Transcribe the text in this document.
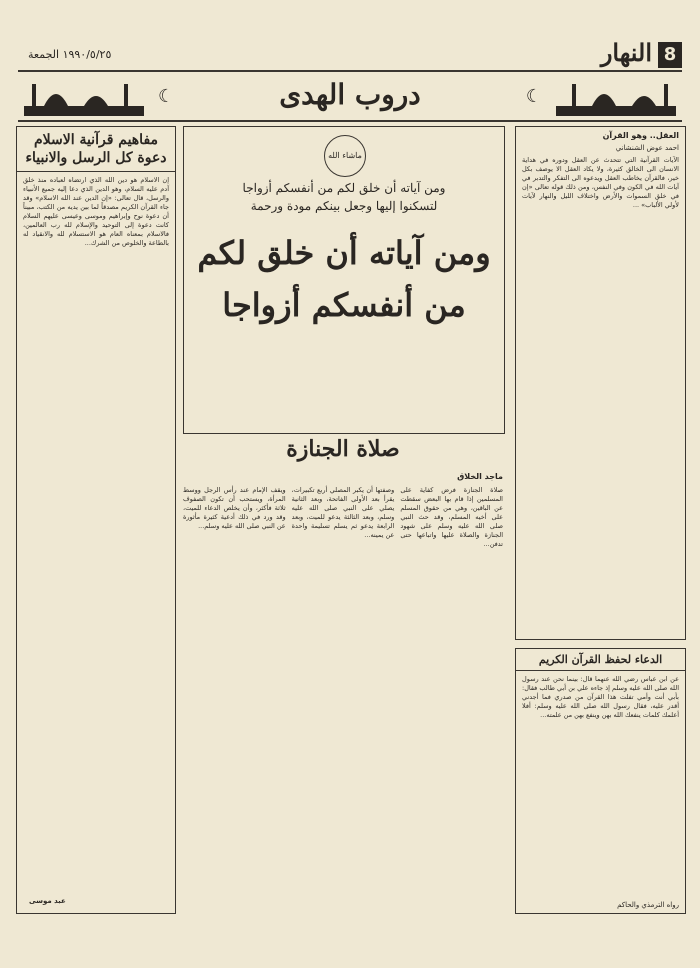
8
النهار
١٩٩٠/٥/٢٥ الجمعة
☾	دروب الهدى	☾
مفاهيم قرآنية الاسلام دعوة كل الرسل والانبياء
إن الاسلام هو دين الله الذي ارتضاه لعباده منذ خلق آدم عليه السلام، وهو الدين الذي دعا إليه جميع الأنبياء والرسل، قال تعالى: «إن الدين عند الله الاسلام» وقد جاء القرآن الكريم مصدقاً لما بين يديه من الكتب، مبيناً أن دعوة نوح وإبراهيم وموسى وعيسى عليهم السلام كانت دعوة إلى التوحيد والإسلام لله رب العالمين، فالاسلام بمعناه العام هو الاستسلام لله والانقياد له بالطاعة والخلوص من الشرك...
عبد موسى
ماشاء الله
ومن آياته أن خلق لكم من أنفسكم أزواجا
لتسكنوا إليها وجعل بينكم مودة ورحمة
ومن آياته أن خلق لكم
من أنفسكم أزواجا
صلاة الجنازة
ماجد الخلاق
صلاة الجنازة فرض كفاية على المسلمين إذا قام بها البعض سقطت عن الباقين، وهي من حقوق المسلم على أخيه المسلم، وقد حث النبي صلى الله عليه وسلم على شهود الجنازة والصلاة عليها واتباعها حتى تدفن...
وصفتها أن يكبر المصلي أربع تكبيرات، يقرأ بعد الأولى الفاتحة، وبعد الثانية يصلي على النبي صلى الله عليه وسلم، وبعد الثالثة يدعو للميت، وبعد الرابعة يدعو ثم يسلم تسليمة واحدة عن يمينه...
ويقف الإمام عند رأس الرجل ووسط المرأة، ويستحب أن تكون الصفوف ثلاثة فأكثر، وأن يخلص الدعاء للميت، وقد ورد في ذلك أدعية كثيرة مأثورة عن النبي صلى الله عليه وسلم...
العقل.. وهو القرآن
احمد عوض الشنشاني
الآيات القرآنية التي تتحدث عن العقل ودوره في هداية الانسان الى الخالق كثيرة، ولا يكاد العقل الا يوصف بكل خير، فالقرآن يخاطب العقل ويدعوه الى التفكر والتدبر في آيات الله في الكون وفي النفس، ومن ذلك قوله تعالى «إن في خلق السموات والأرض واختلاف الليل والنهار لآيات لأولي الألباب» ...
الدعاء لحفظ القرآن الكريم
عن ابن عباس رضي الله عنهما قال: بينما نحن عند رسول الله صلى الله عليه وسلم إذ جاءه علي بن أبي طالب فقال: بأبي أنت وأمي تفلت هذا القرآن من صدري فما أجدني أقدر عليه، فقال رسول الله صلى الله عليه وسلم: أفلا أعلمك كلمات ينفعك الله بهن وينفع بهن من علمته...
رواه الترمذي والحاكم
